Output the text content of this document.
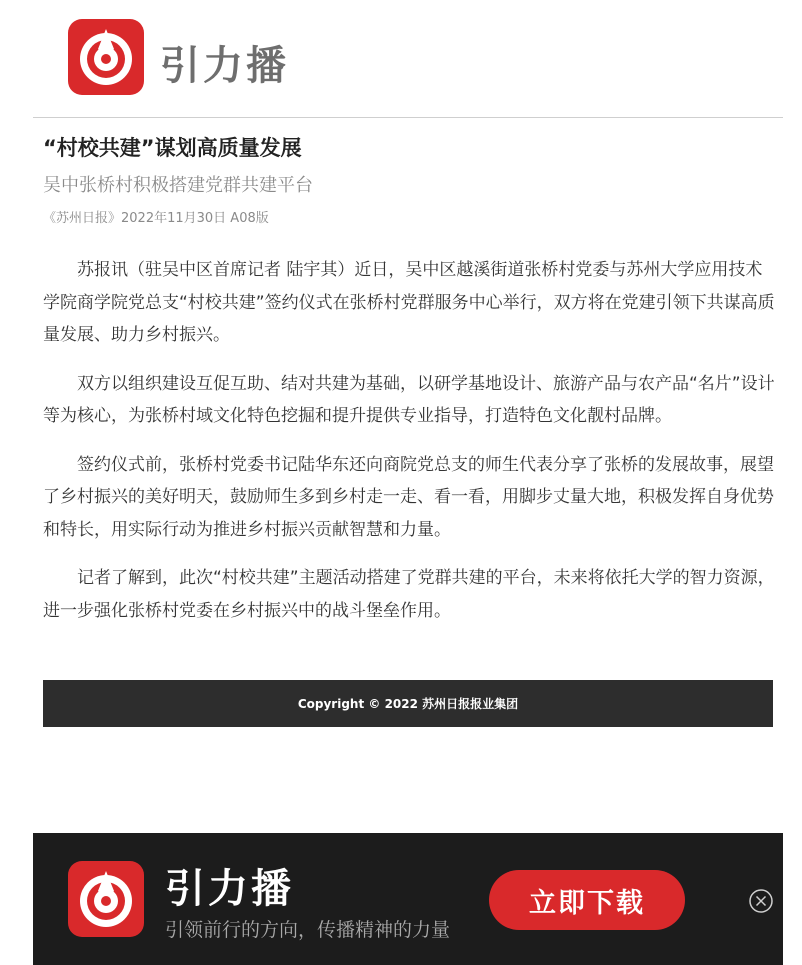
引力播
“村校共建”谋划高质量发展
吴中张桥村积极搭建党群共建平台
《苏州日报》2022年11月30日 A08版

苏报讯（驻吴中区首席记者 陆宇其）近日，吴中区越溪街道张桥村党委与苏州大学应用技术学院商学院党总支“村校共建”签约仪式在张桥村党群服务中心举行，双方将在党建引领下共谋高质量发展、助力乡村振兴。

双方以组织建设互促互助、结对共建为基础，以研学基地设计、旅游产品与农产品“名片”设计等为核心，为张桥村域文化特色挖掘和提升提供专业指导，打造特色文化靓村品牌。

签约仪式前，张桥村党委书记陆华东还向商院党总支的师生代表分享了张桥的发展故事，展望了乡村振兴的美好明天，鼓励师生多到乡村走一走、看一看，用脚步丈量大地，积极发挥自身优势和特长，用实际行动为推进乡村振兴贡献智慧和力量。

记者了解到，此次“村校共建”主题活动搭建了党群共建的平台，未来将依托大学的智力资源，进一步强化张桥村党委在乡村振兴中的战斗堡垒作用。

Copyright © 2022 苏州日报报业集团
引力播
引领前行的方向，传播精神的力量
立即下载
